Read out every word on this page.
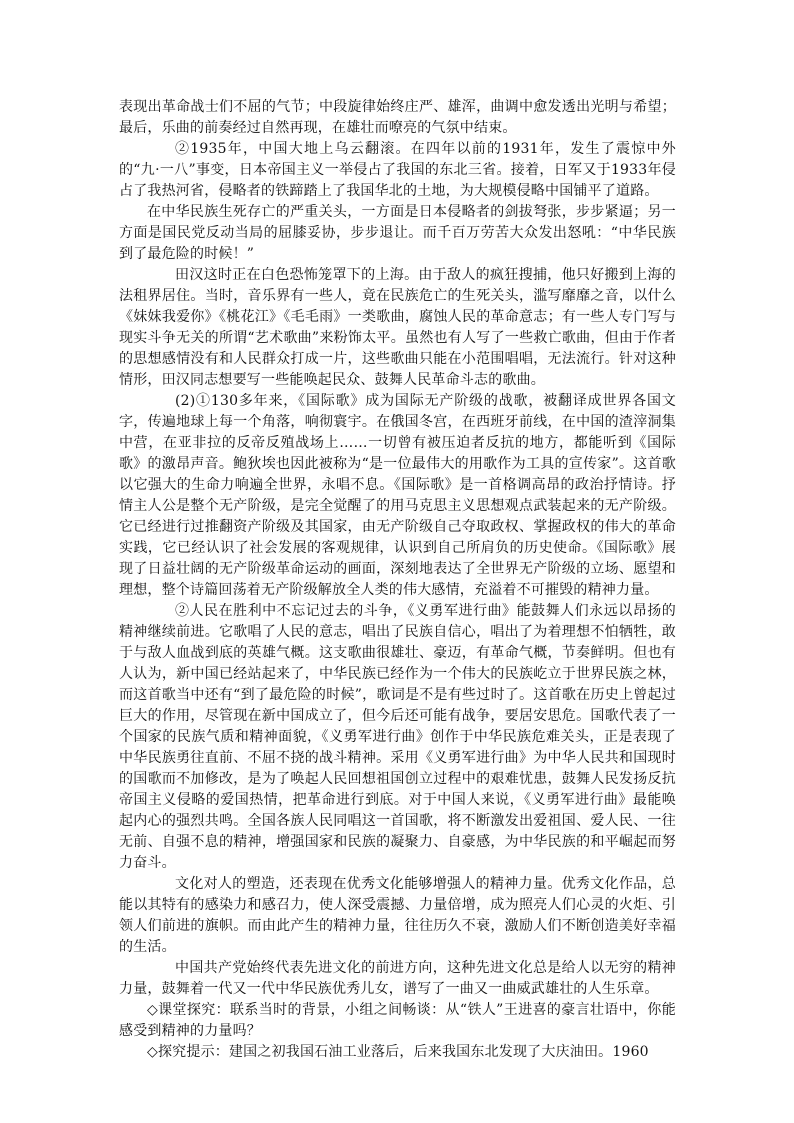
表现出革命战士们不屈的气节；中段旋律始终庄严、雄浑，曲调中愈发透出光明与希望；最后，乐曲的前奏经过自然再现，在雄壮而嘹亮的气氛中结束。

②1935年，中国大地上乌云翻滚。在四年以前的1931年，发生了震惊中外的“九·一八”事变，日本帝国主义一举侵占了我国的东北三省。接着，日军又于1933年侵占了我热河省，侵略者的铁蹄踏上了我国华北的土地，为大规模侵略中国铺平了道路。

在中华民族生死存亡的严重关头，一方面是日本侵略者的剑拔弩张，步步紧逼；另一方面是国民党反动当局的屈膝妥协，步步退让。而千百万劳苦大众发出怒吼：“中华民族到了最危险的时候！”

田汉这时正在白色恐怖笼罩下的上海。由于敌人的疯狂搜捕，他只好搬到上海的法租界居住。当时，音乐界有一些人，竟在民族危亡的生死关头，滥写靡靡之音，以什么《妹妹我爱你》《桃花江》《毛毛雨》一类歌曲，腐蚀人民的革命意志；有一些人专门写与现实斗争无关的所谓“艺术歌曲”来粉饰太平。虽然也有人写了一些救亡歌曲，但由于作者的思想感情没有和人民群众打成一片，这些歌曲只能在小范围唱唱，无法流行。针对这种情形，田汉同志想要写一些能唤起民众、鼓舞人民革命斗志的歌曲。

(2)①130多年来，《国际歌》成为国际无产阶级的战歌，被翻译成世界各国文字，传遍地球上每一个角落，响彻寰宇。在俄国冬宫，在西班牙前线，在中国的渣滓洞集中营，在亚非拉的反帝反殖战场上……一切曾有被压迫者反抗的地方，都能听到《国际歌》的激昂声音。鲍狄埃也因此被称为“是一位最伟大的用歌作为工具的宣传家”。这首歌以它强大的生命力响遍全世界，永唱不息。《国际歌》是一首格调高昂的政治抒情诗。抒情主人公是整个无产阶级，是完全觉醒了的用马克思主义思想观点武装起来的无产阶级。它已经进行过推翻资产阶级及其国家，由无产阶级自己夺取政权、掌握政权的伟大的革命实践，它已经认识了社会发展的客观规律，认识到自己所肩负的历史使命。《国际歌》展现了日益壮阔的无产阶级革命运动的画面，深刻地表达了全世界无产阶级的立场、愿望和理想，整个诗篇回荡着无产阶级解放全人类的伟大感情，充溢着不可摧毁的精神力量。

②人民在胜利中不忘记过去的斗争，《义勇军进行曲》能鼓舞人们永远以昂扬的精神继续前进。它歌唱了人民的意志，唱出了民族自信心，唱出了为着理想不怕牺牲，敢于与敌人血战到底的英雄气概。这支歌曲很雄壮、豪迈，有革命气概，节奏鲜明。但也有人认为，新中国已经站起来了，中华民族已经作为一个伟大的民族屹立于世界民族之林，而这首歌当中还有“到了最危险的时候”，歌词是不是有些过时了。这首歌在历史上曾起过巨大的作用，尽管现在新中国成立了，但今后还可能有战争，要居安思危。国歌代表了一个国家的民族气质和精神面貌，《义勇军进行曲》创作于中华民族危难关头，正是表现了中华民族勇往直前、不屈不挠的战斗精神。采用《义勇军进行曲》为中华人民共和国现时的国歌而不加修改，是为了唤起人民回想祖国创立过程中的艰难忧患，鼓舞人民发扬反抗帝国主义侵略的爱国热情，把革命进行到底。对于中国人来说，《义勇军进行曲》最能唤起内心的强烈共鸣。全国各族人民同唱这一首国歌，将不断激发出爱祖国、爱人民、一往无前、自强不息的精神，增强国家和民族的凝聚力、自豪感，为中华民族的和平崛起而努力奋斗。

文化对人的塑造，还表现在优秀文化能够增强人的精神力量。优秀文化作品，总能以其特有的感染力和感召力，使人深受震撼、力量倍增，成为照亮人们心灵的火炬、引领人们前进的旗帜。而由此产生的精神力量，往往历久不衰，激励人们不断创造美好幸福的生活。

中国共产党始终代表先进文化的前进方向，这种先进文化总是给人以无穷的精神力量，鼓舞着一代又一代中华民族优秀儿女，谱写了一曲又一曲威武雄壮的人生乐章。

◇课堂探究：联系当时的背景，小组之间畅谈：从“铁人”王进喜的豪言壮语中，你能感受到精神的力量吗？

◇探究提示：建国之初我国石油工业落后，后来我国东北发现了大庆油田。1960
